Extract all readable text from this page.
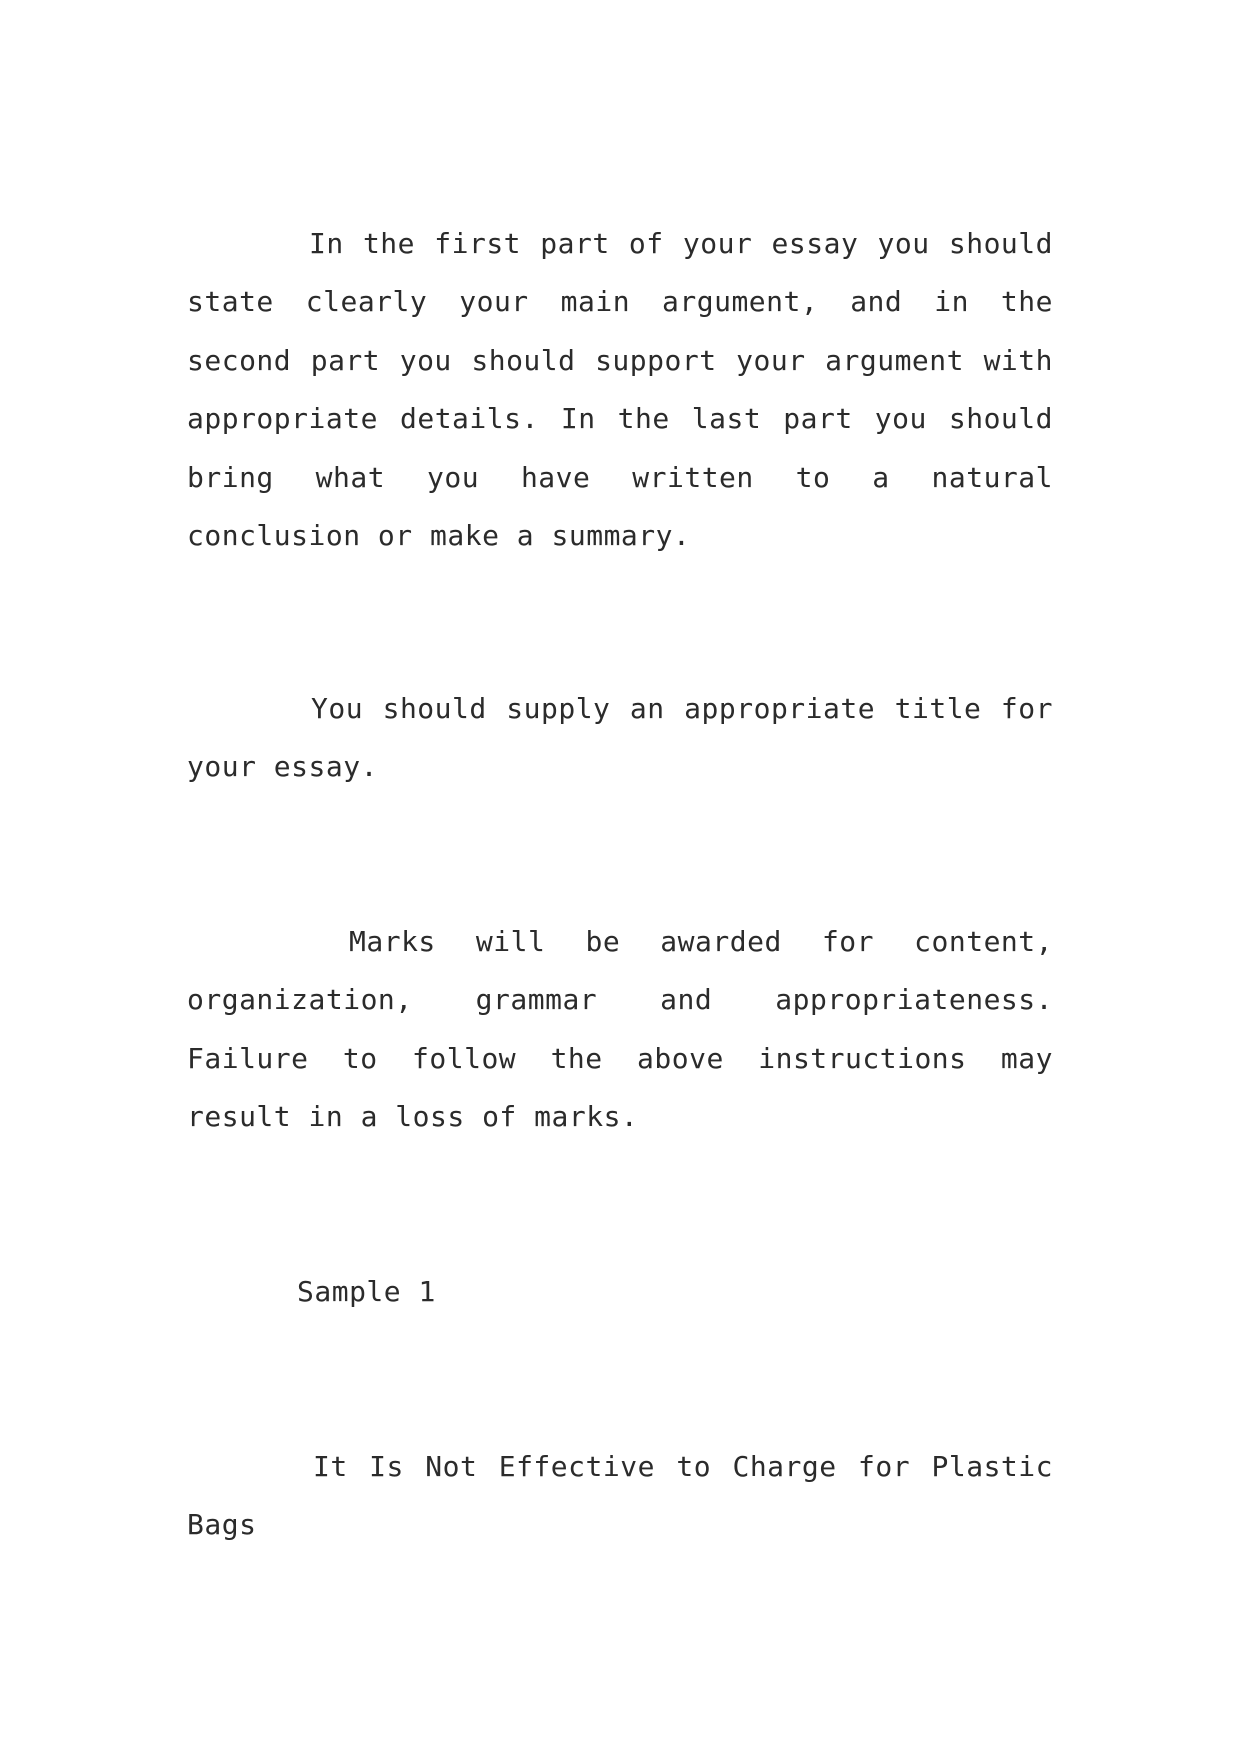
In the first part of your essay you should state clearly your main argument, and in the second part you should support your argument with appropriate details. In the last part you should bring what you have written to a natural conclusion or make a summary.

You should supply an appropriate title for your essay.

Marks will be awarded for content, organization, grammar and appropriateness. Failure to follow the above instructions may result in a loss of marks.

Sample 1

It Is Not Effective to Charge for Plastic Bags
